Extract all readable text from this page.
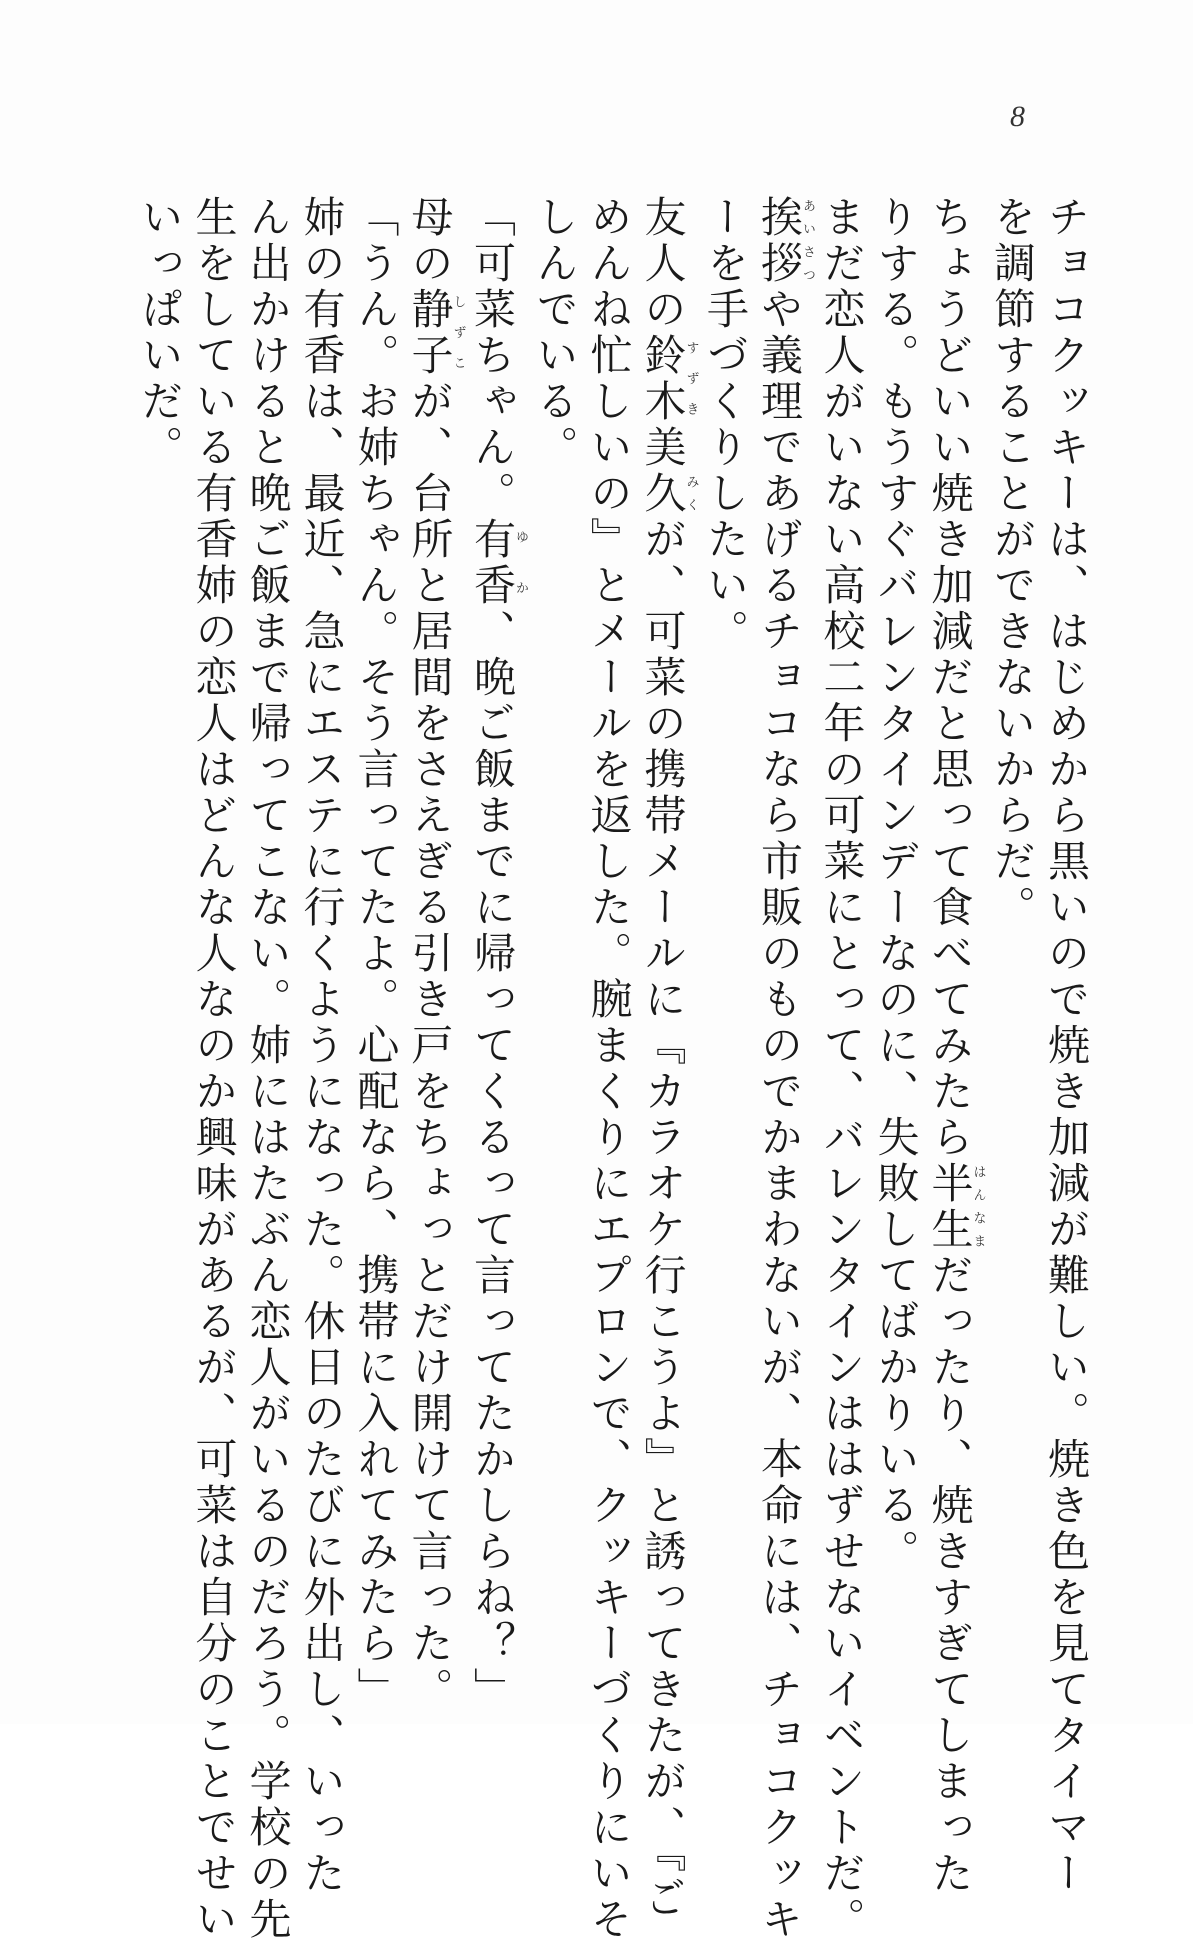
8
チョコクッキーは、はじめから黒いので焼き加減が難しい。焼き色を見てタイマー
を調節することができないからだ。
ちょうどいい焼き加減だと思って食べてみたら半生はんなまだったり、焼きすぎてしまった
りする。もうすぐバレンタインデーなのに、失敗してばかりいる。
まだ恋人がいない高校二年の可菜にとって、バレンタインははずせないイベントだ。
挨拶あいさつや義理であげるチョコなら市販のものでかまわないが、本命には、チョコクッキ
ーを手づくりしたい。
友人の鈴木すずき美久みくが、可菜の携帯メールに『カラオケ行こうよ』と誘ってきたが、『ご
めんね忙しいの』とメールを返した。腕まくりにエプロンで、クッキーづくりにいそ
しんでいる。
「可菜ちゃん。有香ゆか、晩ご飯までに帰ってくるって言ってたかしらね？」
母の静子しずこが、台所と居間をさえぎる引き戸をちょっとだけ開けて言った。
「うん。お姉ちゃん。そう言ってたよ。心配なら、携帯に入れてみたら」
姉の有香は、最近、急にエステに行くようになった。休日のたびに外出し、いった
ん出かけると晩ご飯まで帰ってこない。姉にはたぶん恋人がいるのだろう。学校の先
生をしている有香姉の恋人はどんな人なのか興味があるが、可菜は自分のことでせい
いっぱいだ。
